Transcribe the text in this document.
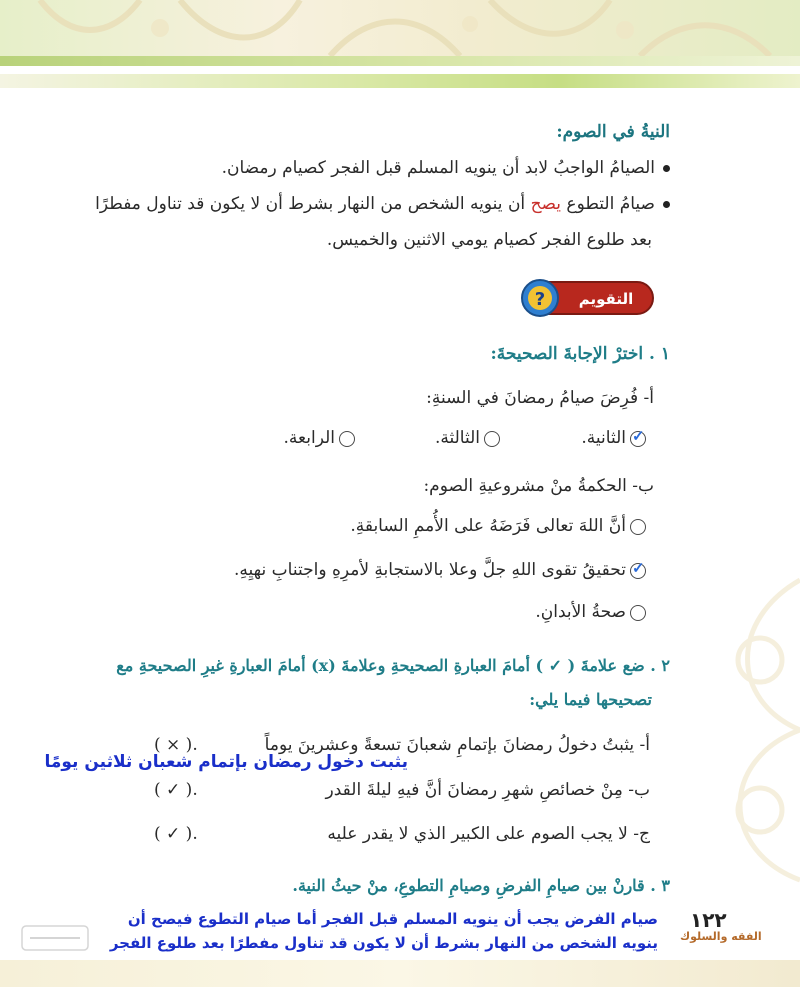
النيةُ في الصوم:
الصيامُ الواجبُ لابد أن ينويه المسلم قبل الفجر كصيام رمضان.
صيامُ التطوع يصح أن ينويه الشخص من النهار بشرط أن لا يكون قد تناول مفطرًا
بعد طلوع الفجر كصيام يومي الاثنين والخميس.
? التقويم
١ . اخترْ الإجابةَ الصحيحةَ:
أ- فُرِضَ صيامُ رمضانَ في السنةِ:
✓الثانية.
الثالثة.
الرابعة.
ب- الحكمةُ منْ مشروعيةِ الصوم:
أنَّ اللهَ تعالى فَرَضَهُ على الأُممِ السابقةِ.
✓تحقيقُ تقوى اللهِ جلَّ وعلا بالاستجابةِ لأمرِهِ واجتنابِ نهيِهِ.
صحةُ الأبدانِ.
٢ . ضع علامةَ ( ✓ ) أمامَ العبارةِ الصحيحةِ وعلامةَ (x) أمامَ العبارةِ غيرِ الصحيحةِ مع
تصحيحها فيما يلي:
أ- يثبتُ دخولُ رمضانَ بإتمامِ شعبانَ تسعةً وعشرينَ يوماً
( × ).
يثبت دخول رمضان بإتمام شعبان ثلاثين يومًا
ب- مِنْ خصائصِ شهرِ رمضانَ أنَّ فيهِ ليلةَ القدر
( ✓ ).
ج- لا يجب الصوم على الكبير الذي لا يقدر عليه
( ✓ ).
٣ . قارنْ بين صيامِ الفرضِ وصيامِ التطوعِ، منْ حيثُ النية.
صيام الفرض يجب أن ينويه المسلم قبل الفجر أما صيام التطوع فيصح أن
ينويه الشخص من النهار بشرط أن لا يكون قد تناول مفطرًا بعد طلوع الفجر
١٢٢
الفقه والسلوك
